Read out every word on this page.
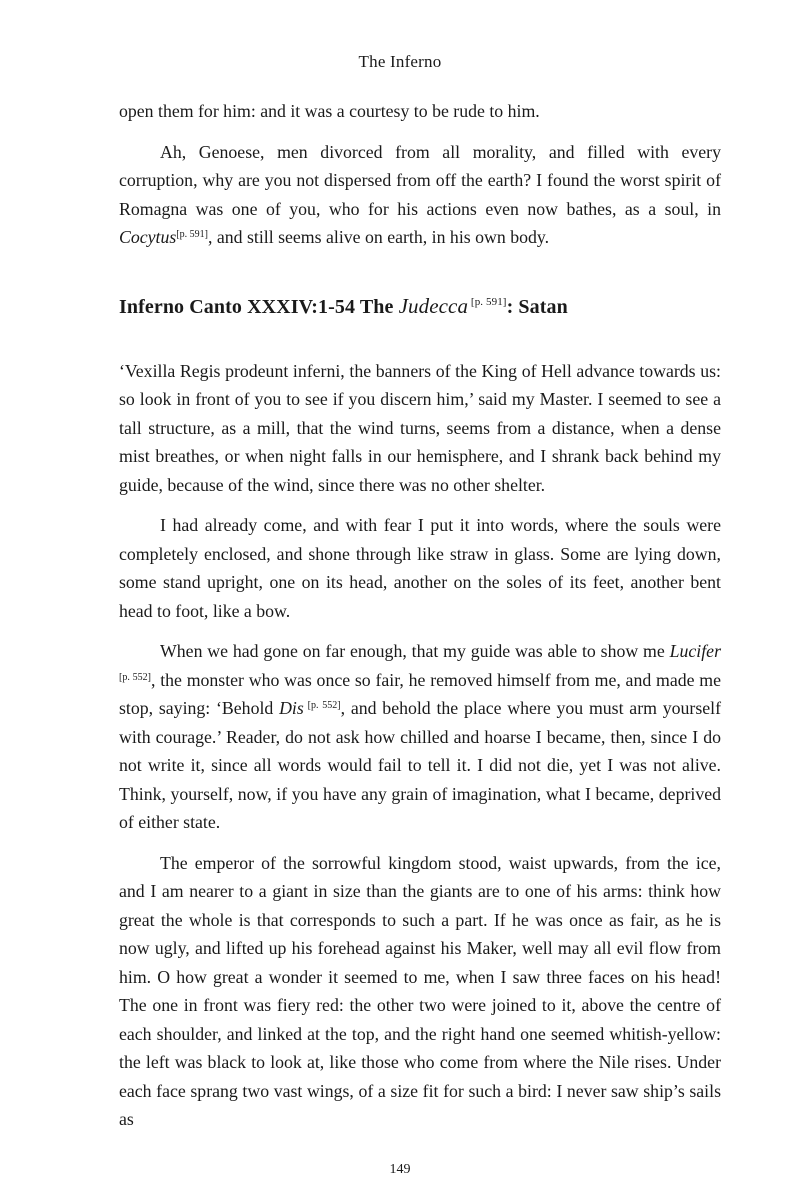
The Inferno

open them for him: and it was a courtesy to be rude to him.

Ah, Genoese, men divorced from all morality, and filled with every corruption, why are you not dispersed from off the earth? I found the worst spirit of Romagna was one of you, who for his actions even now bathes, as a soul, in Cocytus[p. 591], and still seems alive on earth, in his own body.

Inferno Canto XXXIV:1-54 The Judecca [p. 591]: Satan

‘Vexilla Regis prodeunt inferni, the banners of the King of Hell advance towards us: so look in front of you to see if you discern him,’ said my Master. I seemed to see a tall structure, as a mill, that the wind turns, seems from a distance, when a dense mist breathes, or when night falls in our hemisphere, and I shrank back behind my guide, because of the wind, since there was no other shelter.

I had already come, and with fear I put it into words, where the souls were completely enclosed, and shone through like straw in glass. Some are lying down, some stand upright, one on its head, another on the soles of its feet, another bent head to foot, like a bow.

When we had gone on far enough, that my guide was able to show me Lucifer [p. 552], the monster who was once so fair, he removed himself from me, and made me stop, saying: ‘Behold Dis [p. 552], and behold the place where you must arm yourself with courage.’ Reader, do not ask how chilled and hoarse I became, then, since I do not write it, since all words would fail to tell it. I did not die, yet I was not alive. Think, yourself, now, if you have any grain of imagination, what I became, deprived of either state.

The emperor of the sorrowful kingdom stood, waist upwards, from the ice, and I am nearer to a giant in size than the giants are to one of his arms: think how great the whole is that corresponds to such a part. If he was once as fair, as he is now ugly, and lifted up his forehead against his Maker, well may all evil flow from him. O how great a wonder it seemed to me, when I saw three faces on his head! The one in front was fiery red: the other two were joined to it, above the centre of each shoulder, and linked at the top, and the right hand one seemed whitish-yellow: the left was black to look at, like those who come from where the Nile rises. Under each face sprang two vast wings, of a size fit for such a bird: I never saw ship’s sails as

149
